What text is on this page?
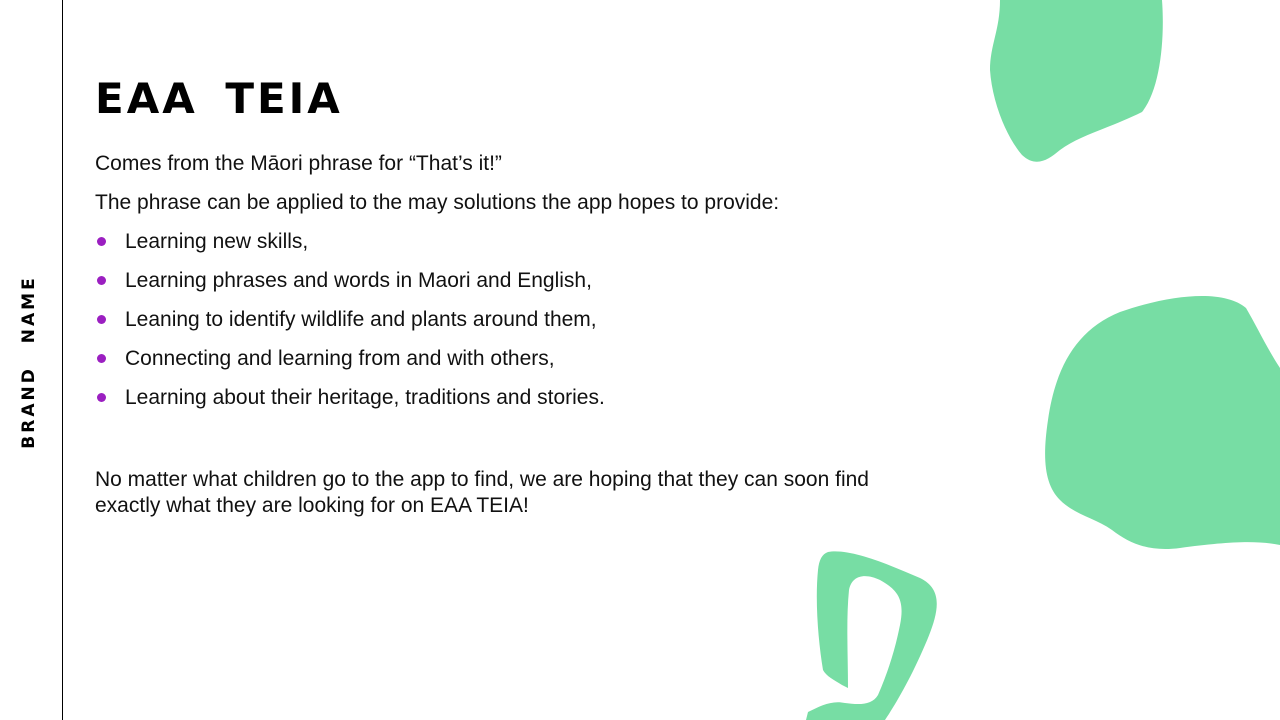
BRAND NAME
EAA TEIA

Comes from the Māori phrase for “That’s it!”

The phrase can be applied to the may solutions the app hopes to provide:

Learning new skills,
Learning phrases and words in Maori and English,
Leaning to identify wildlife and plants around them,
Connecting and learning from and with others,
Learning about their heritage, traditions and stories.

No matter what children go to the app to find, we are hoping that they can soon find exactly what they are looking for on EAA TEIA!
